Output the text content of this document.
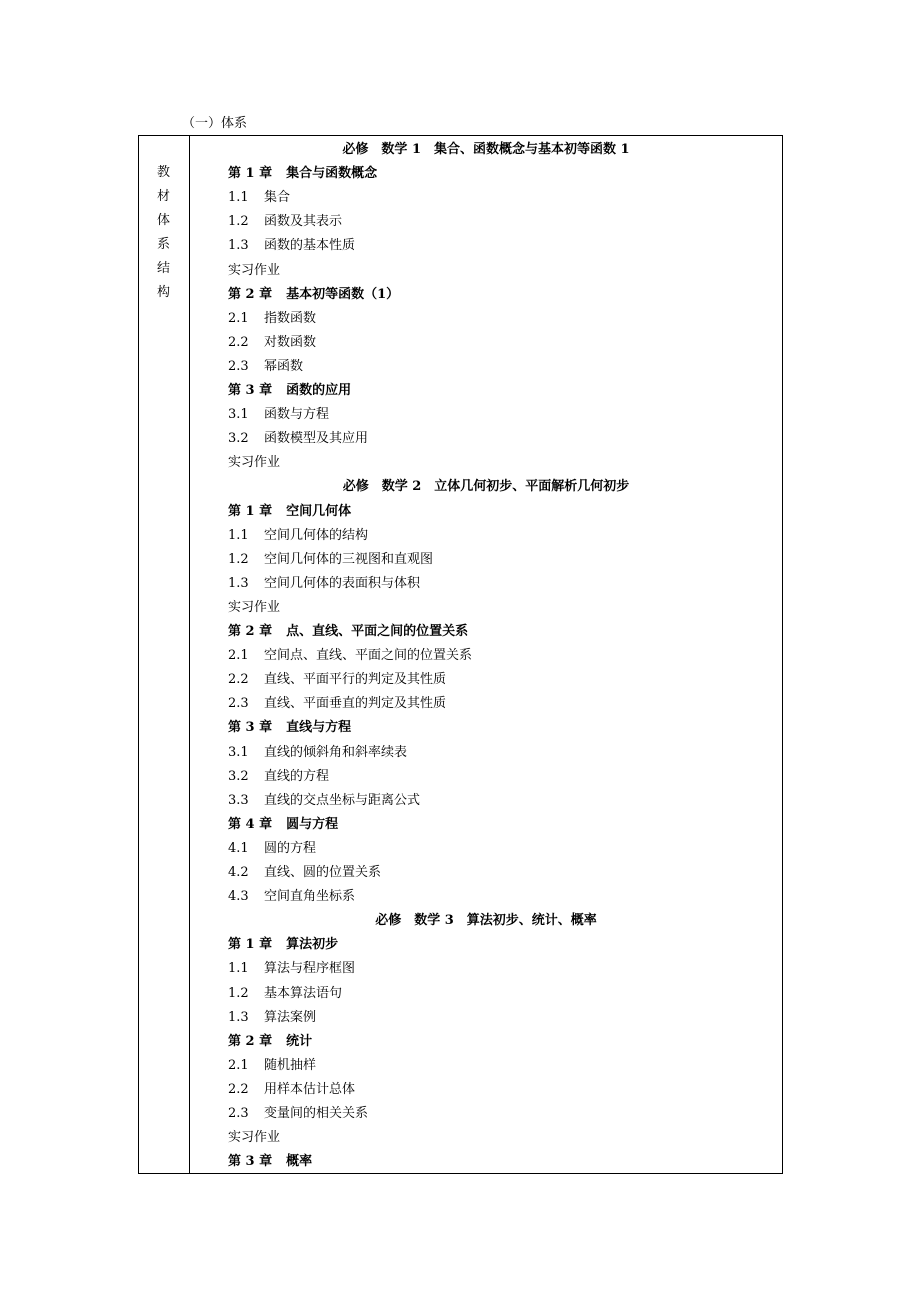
（一）体系
教
材
体
系
结
构
必修　数学 1　集合、函数概念与基本初等函数 1
第 1 章 集合与函数概念
1.1 集合
1.2 函数及其表示
1.3 函数的基本性质
实习作业
第 2 章 基本初等函数（1）
2.1 指数函数
2.2 对数函数
2.3 幂函数
第 3 章 函数的应用
3.1 函数与方程
3.2 函数模型及其应用
实习作业
必修　数学 2　立体几何初步、平面解析几何初步
第 1 章 空间几何体
1.1 空间几何体的结构
1.2 空间几何体的三视图和直观图
1.3 空间几何体的表面积与体积
实习作业
第 2 章 点、直线、平面之间的位置关系
2.1 空间点、直线、平面之间的位置关系
2.2 直线、平面平行的判定及其性质
2.3 直线、平面垂直的判定及其性质
第 3 章 直线与方程
3.1 直线的倾斜角和斜率续表
3.2 直线的方程
3.3 直线的交点坐标与距离公式
第 4 章 圆与方程
4.1 圆的方程
4.2 直线、圆的位置关系
4.3 空间直角坐标系
必修　数学 3　算法初步、统计、概率
第 1 章 算法初步
1.1 算法与程序框图
1.2 基本算法语句
1.3 算法案例
第 2 章 统计
2.1 随机抽样
2.2 用样本估计总体
2.3 变量间的相关关系
实习作业
第 3 章 概率
